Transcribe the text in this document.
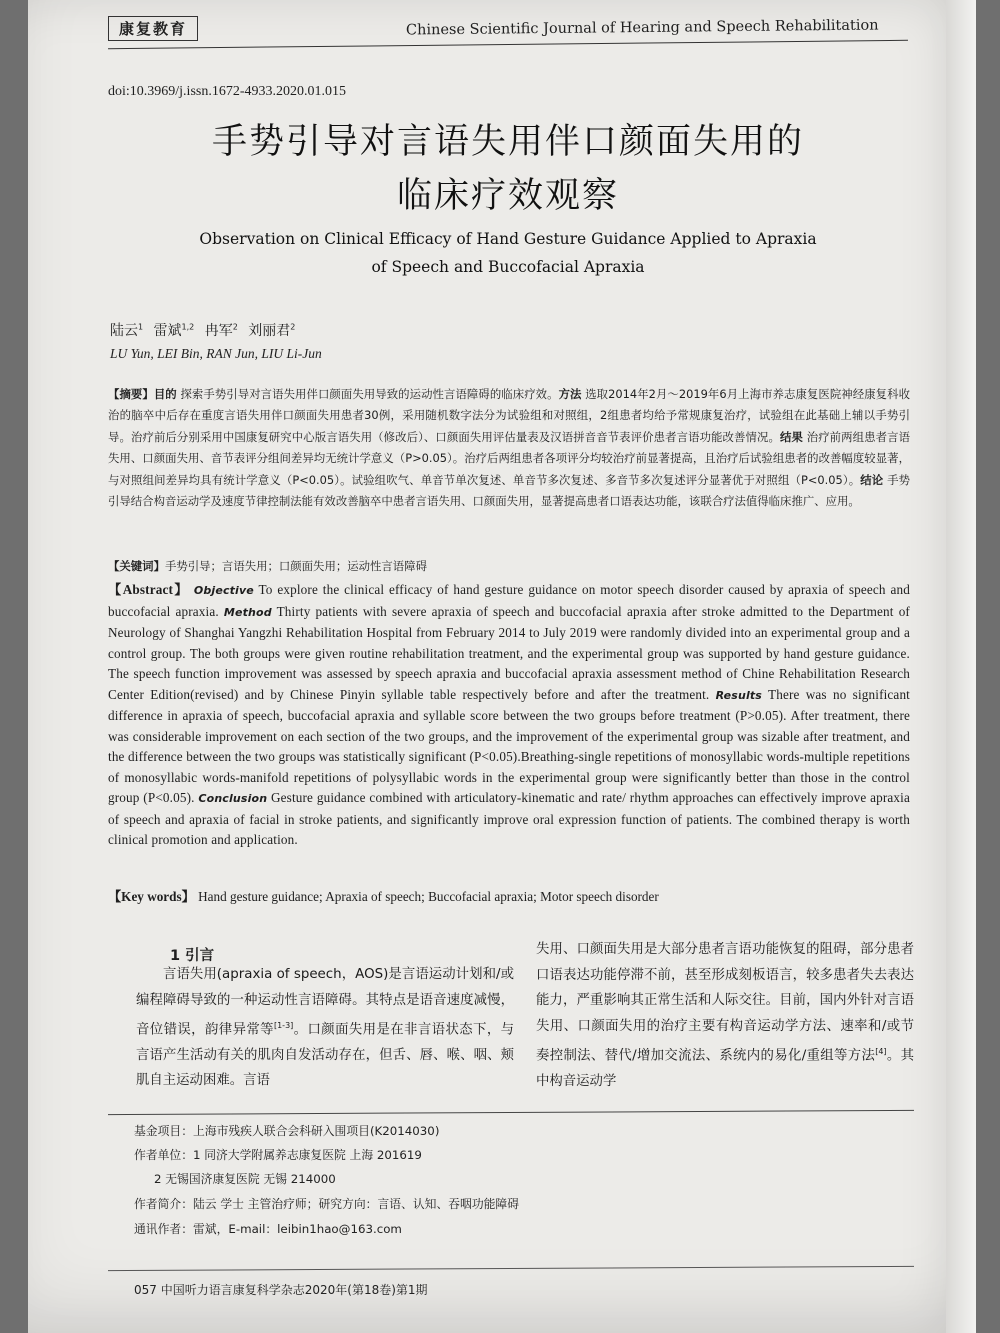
康复教育	Chinese Scientific Journal of Hearing and Speech Rehabilitation
doi:10.3969/j.issn.1672-4933.2020.01.015
手势引导对言语失用伴口颜面失用的
临床疗效观察
Observation on Clinical Efficacy of Hand Gesture Guidance Applied to Apraxia
of Speech and Buccofacial Apraxia
陆云$^1$ 雷斌$^{1,2}$ 冉军$^2$ 刘丽君$^2$
LU Yun, LEI Bin, RAN Jun, LIU Li-Jun
【摘要】目的 探索手势引导对言语失用伴口颜面失用导致的运动性言语障碍的临床疗效。方法 选取2014年2月～2019年6月上海市养志康复医院神经康复科收治的脑卒中后存在重度言语失用伴口颜面失用患者30例，采用随机数字法分为试验组和对照组，2组患者均给予常规康复治疗，试验组在此基础上辅以手势引导。治疗前后分别采用中国康复研究中心版言语失用（修改后）、口颜面失用评估量表及汉语拼音音节表评价患者言语功能改善情况。结果 治疗前两组患者言语失用、口颜面失用、音节表评分组间差异均无统计学意义（P>0.05）。治疗后两组患者各项评分均较治疗前显著提高，且治疗后试验组患者的改善幅度较显著，与对照组间差异均具有统计学意义（P<0.05）。试验组吹气、单音节单次复述、单音节多次复述、多音节多次复述评分显著优于对照组（P<0.05）。结论 手势引导结合构音运动学及速度节律控制法能有效改善脑卒中患者言语失用、口颜面失用，显著提高患者口语表达功能，该联合疗法值得临床推广、应用。
【关键词】手势引导；言语失用；口颜面失用；运动性言语障碍
【Abstract】 Objective To explore the clinical efficacy of hand gesture guidance on motor speech disorder caused by apraxia of speech and buccofacial apraxia. Method Thirty patients with severe apraxia of speech and buccofacial apraxia after stroke admitted to the Department of Neurology of Shanghai Yangzhi Rehabilitation Hospital from February 2014 to July 2019 were randomly divided into an experimental group and a control group. The both groups were given routine rehabilitation treatment, and the experimental group was supported by hand gesture guidance. The speech function improvement was assessed by speech apraxia and buccofacial apraxia assessment method of Chine Rehabilitation Research Center Edition(revised) and by Chinese Pinyin syllable table respectively before and after the treatment. Results There was no significant difference in apraxia of speech, buccofacial apraxia and syllable score between the two groups before treatment (P>0.05). After treatment, there was considerable improvement on each section of the two groups, and the improvement of the experimental group was sizable after treatment, and the difference between the two groups was statistically significant (P<0.05).Breathing-single repetitions of monosyllabic words-multiple repetitions of monosyllabic words-manifold repetitions of polysyllabic words in the experimental group were significantly better than those in the control group (P<0.05). Conclusion Gesture guidance combined with articulatory-kinematic and rate/ rhythm approaches can effectively improve apraxia of speech and apraxia of facial in stroke patients, and significantly improve oral expression function of patients. The combined therapy is worth clinical promotion and application.
【Key words】 Hand gesture guidance; Apraxia of speech; Buccofacial apraxia; Motor speech disorder
1 引言
言语失用(apraxia of speech，AOS)是言语运动计划和/或编程障碍导致的一种运动性言语障碍。其特点是语音速度减慢，音位错误，韵律异常等[1-3]。口颜面失用是在非言语状态下，与言语产生活动有关的肌肉自发活动存在，但舌、唇、喉、咽、颊肌自主运动困难。言语
失用、口颜面失用是大部分患者言语功能恢复的阻碍，部分患者口语表达功能停滞不前，甚至形成刻板语言，较多患者失去表达能力，严重影响其正常生活和人际交往。目前，国内外针对言语失用、口颜面失用的治疗主要有构音运动学方法、速率和/或节奏控制法、替代/增加交流法、系统内的易化/重组等方法[4]。其中构音运动学
基金项目：上海市残疾人联合会科研入围项目(K2014030)
作者单位：1 同济大学附属养志康复医院 上海 201619
2 无锡国济康复医院 无锡 214000
作者简介：陆云 学士 主管治疗师；研究方向：言语、认知、吞咽功能障碍
通讯作者：雷斌，E-mail：leibin1hao@163.com
057 中国听力语言康复科学杂志2020年(第18卷)第1期
